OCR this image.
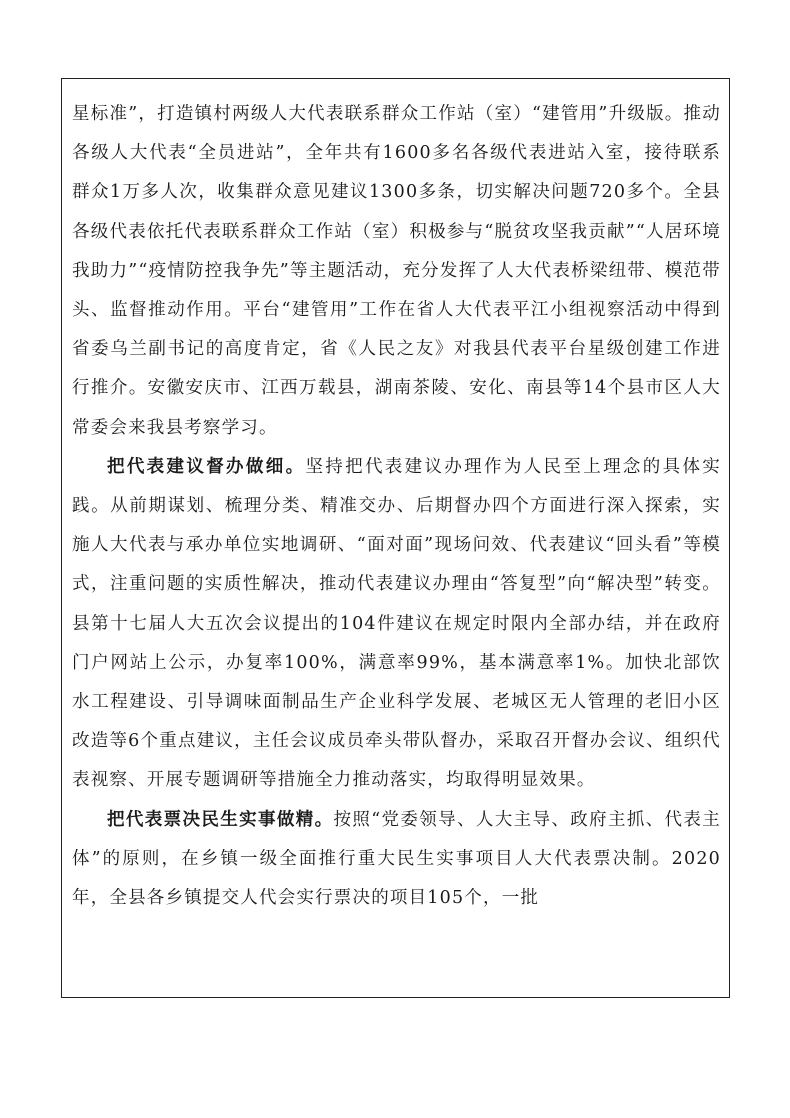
星标准”，打造镇村两级人大代表联系群众工作站（室）“建管用”升级版。推动各级人大代表“全员进站”，全年共有1600多名各级代表进站入室，接待联系群众1万多人次，收集群众意见建议1300多条，切实解决问题720多个。全县各级代表依托代表联系群众工作站（室）积极参与“脱贫攻坚我贡献”“人居环境我助力”“疫情防控我争先”等主题活动，充分发挥了人大代表桥梁纽带、模范带头、监督推动作用。平台“建管用”工作在省人大代表平江小组视察活动中得到省委乌兰副书记的高度肯定，省《人民之友》对我县代表平台星级创建工作进行推介。安徽安庆市、江西万载县，湖南茶陵、安化、南县等14个县市区人大常委会来我县考察学习。

把代表建议督办做细。坚持把代表建议办理作为人民至上理念的具体实践。从前期谋划、梳理分类、精准交办、后期督办四个方面进行深入探索，实施人大代表与承办单位实地调研、“面对面”现场问效、代表建议“回头看”等模式，注重问题的实质性解决，推动代表建议办理由“答复型”向“解决型”转变。县第十七届人大五次会议提出的104件建议在规定时限内全部办结，并在政府门户网站上公示，办复率100%，满意率99%，基本满意率1%。加快北部饮水工程建设、引导调味面制品生产企业科学发展、老城区无人管理的老旧小区改造等6个重点建议，主任会议成员牵头带队督办，采取召开督办会议、组织代表视察、开展专题调研等措施全力推动落实，均取得明显效果。

把代表票决民生实事做精。按照“党委领导、人大主导、政府主抓、代表主体”的原则，在乡镇一级全面推行重大民生实事项目人大代表票决制。2020年，全县各乡镇提交人代会实行票决的项目105个，一批
